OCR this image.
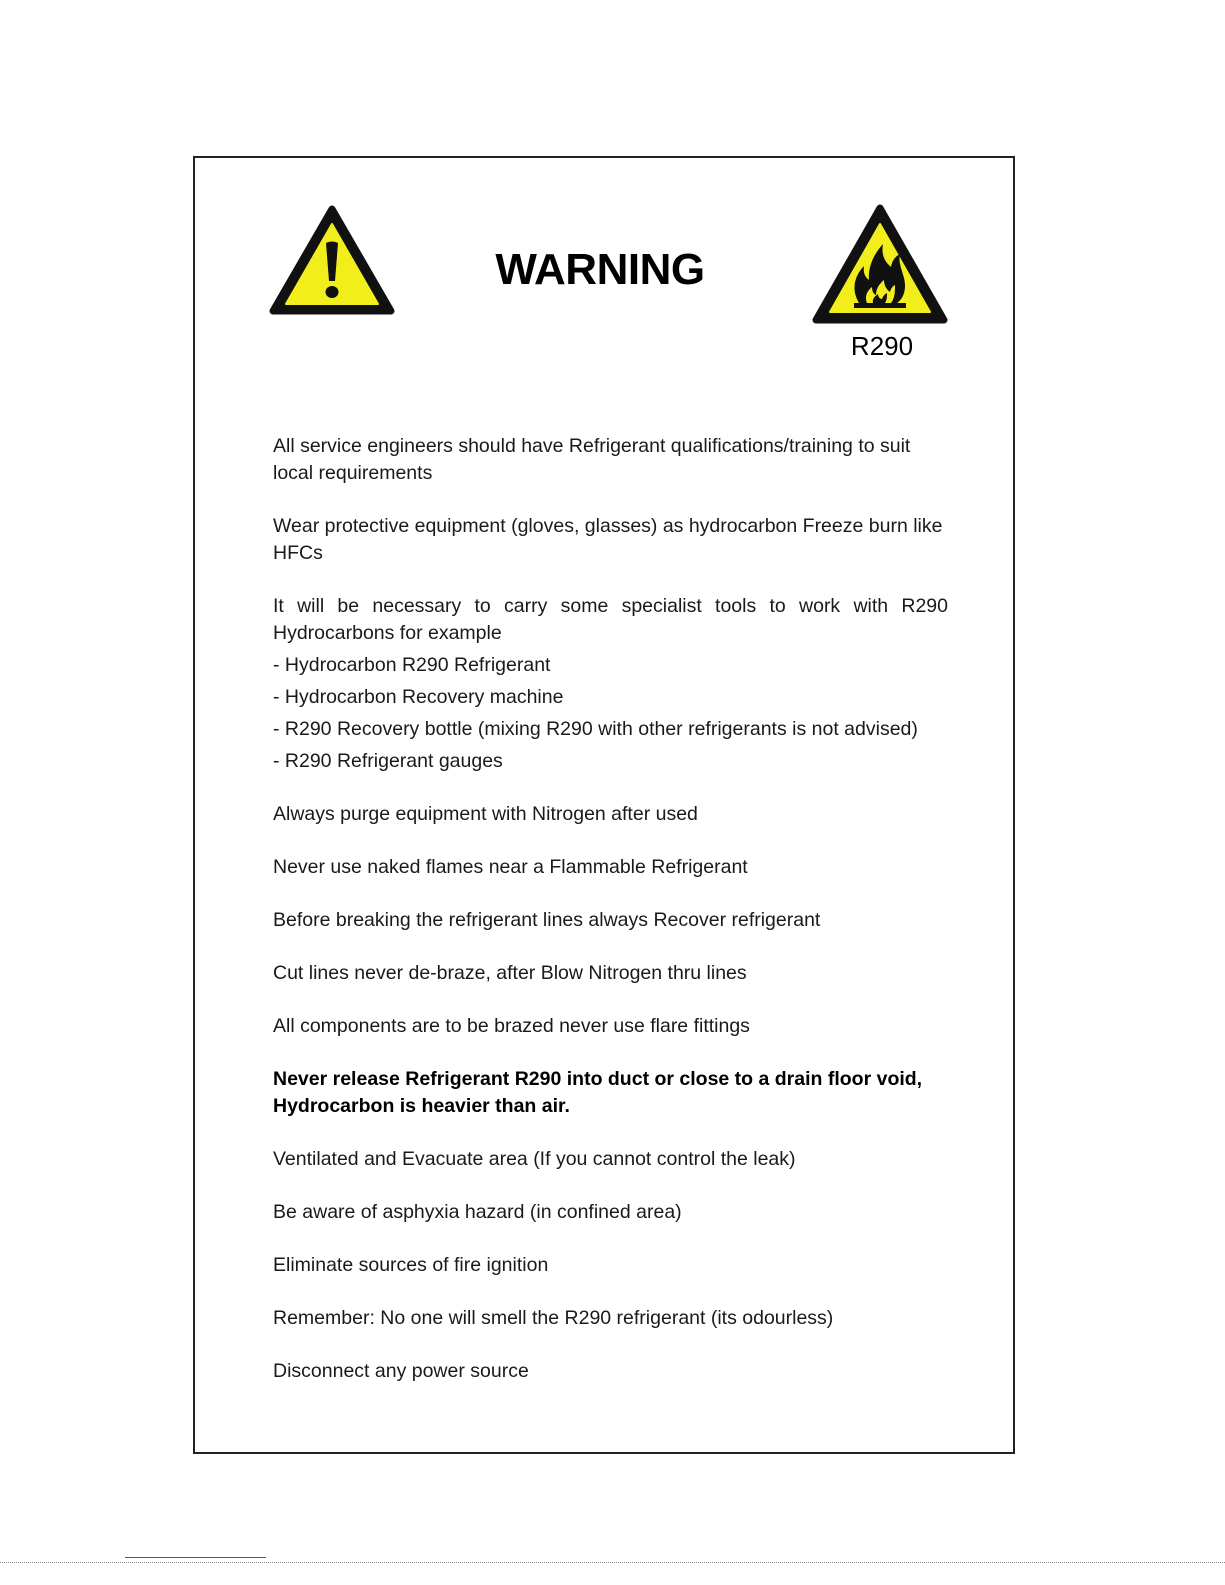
WARNING
R290

All service engineers should have Refrigerant qualifications/training to suit local requirements

Wear protective equipment (gloves, glasses) as hydrocarbon Freeze burn like HFCs

It will be necessary to carry some specialist tools to work with R290 Hydrocarbons for example

- Hydrocarbon R290 Refrigerant
- Hydrocarbon Recovery machine
- R290 Recovery bottle (mixing R290 with other refrigerants is not advised)
- R290 Refrigerant gauges

Always purge equipment with Nitrogen after used

Never use naked flames near a Flammable Refrigerant

Before breaking the refrigerant lines always Recover refrigerant

Cut lines never de-braze, after Blow Nitrogen thru lines

All components are to be brazed never use flare fittings

Never release Refrigerant R290 into duct or close to a drain floor void, Hydrocarbon is heavier than air.

Ventilated and Evacuate area (If you cannot control the leak)

Be aware of asphyxia hazard (in confined area)

Eliminate sources of fire ignition

Remember: No one will smell the R290 refrigerant (its odourless)

Disconnect any power source
